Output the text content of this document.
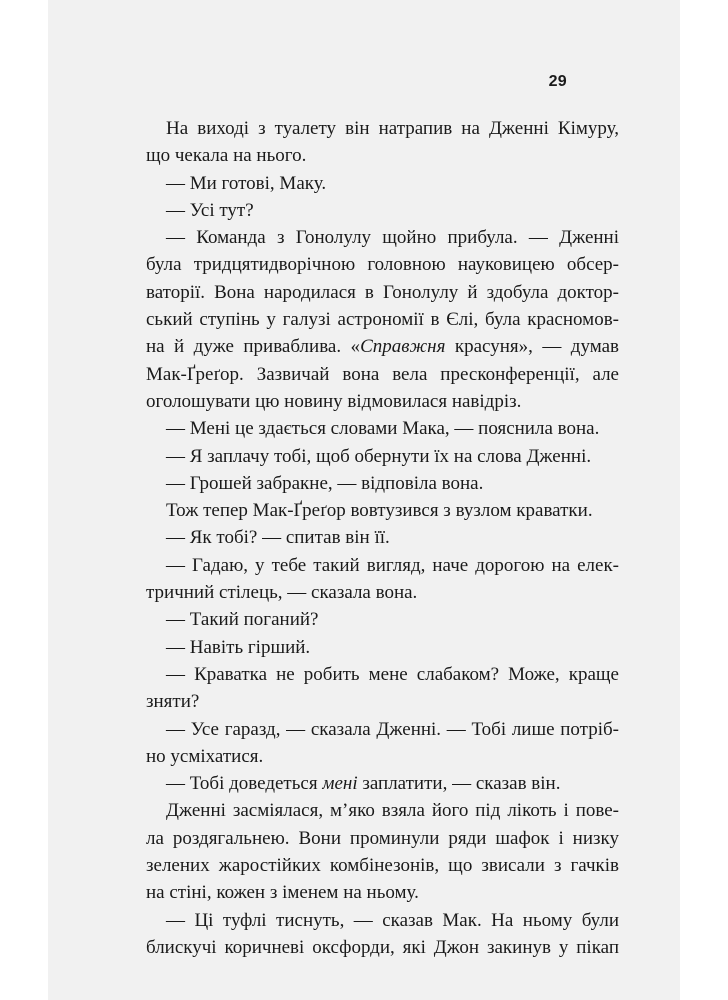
29
На виході з туалету він натрапив на Дженні Кімуру,
що чекала на нього.
— Ми готові, Маку.
— Усі тут?
— Команда з Гонолулу щойно прибула. — Дженні
була тридцятидворічною головною науковицею обсер-
ваторії. Вона народилася в Гонолулу й здобула доктор-
ський ступінь у галузі астрономії в Єлі, була красномов-
на й дуже приваблива. «Справжня красуня», — думав
Мак-Ґреґор. Зазвичай вона вела пресконференції, але
оголошувати цю новину відмовилася навідріз.
— Мені це здається словами Мака, — пояснила вона.
— Я заплачу тобі, щоб обернути їх на слова Дженні.
— Грошей забракне, — відповіла вона.
Тож тепер Мак-Ґреґор вовтузився з вузлом краватки.
— Як тобі? — спитав він її.
— Гадаю, у тебе такий вигляд, наче дорогою на елек-
тричний стілець, — сказала вона.
— Такий поганий?
— Навіть гірший.
— Краватка не робить мене слабаком? Може, краще
зняти?
— Усе гаразд, — сказала Дженні. — Тобі лише потріб-
но усміхатися.
— Тобі доведеться мені заплатити, — сказав він.
Дженні засміялася, м’яко взяла його під лікоть і пове-
ла роздягальнею. Вони проминули ряди шафок і низку
зелених жаростійких комбінезонів, що звисали з гачків
на стіні, кожен з іменем на ньому.
— Ці туфлі тиснуть, — сказав Мак. На ньому були
блискучі коричневі оксфорди, які Джон закинув у пікап
